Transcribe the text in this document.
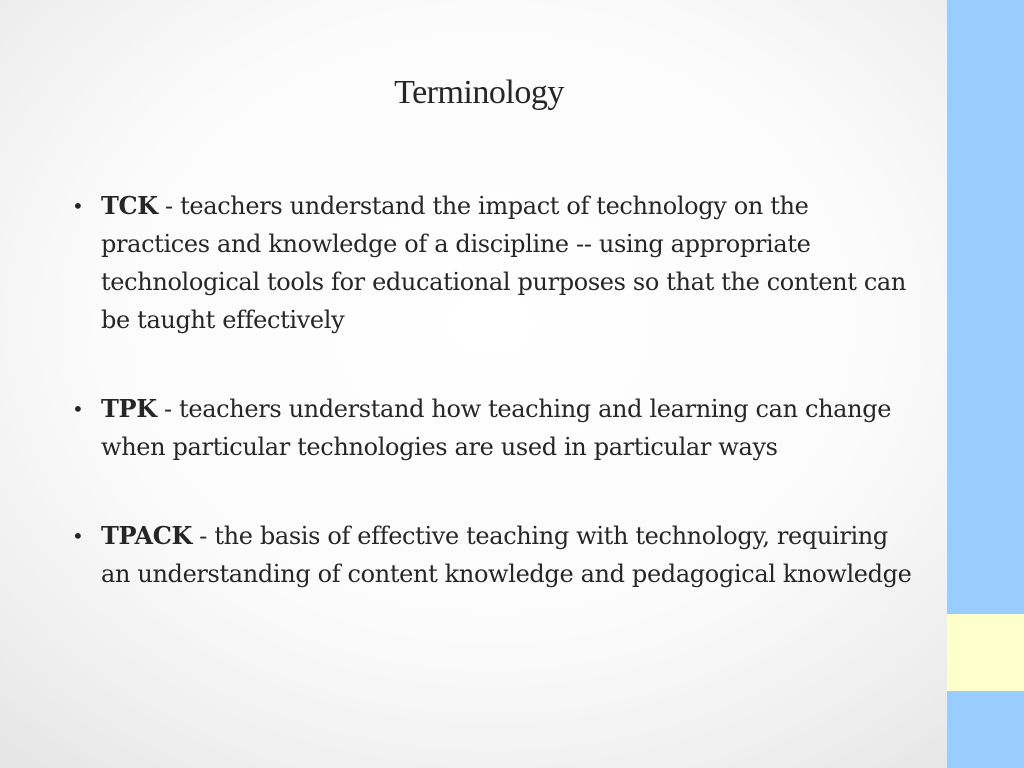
Terminology
• TCK - teachers understand the impact of technology on the practices and knowledge of a discipline -- using appropriate technological tools for educational purposes so that the content can be taught effectively
• TPK - teachers understand how teaching and learning can change when particular technologies are used in particular ways
• TPACK - the basis of effective teaching with technology, requiring an understanding of content knowledge and pedagogical knowledge
